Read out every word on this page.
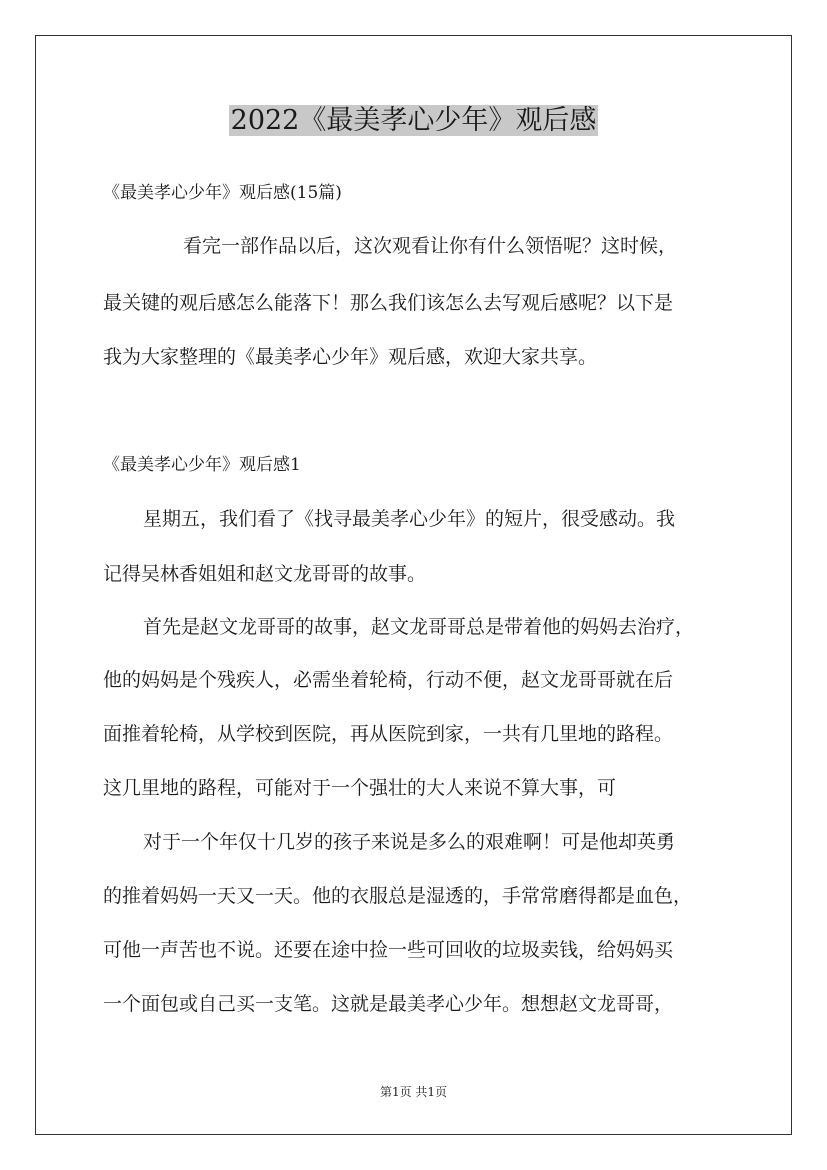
2022《最美孝心少年》观后感

《最美孝心少年》观后感(15篇)

看完一部作品以后，这次观看让你有什么领悟呢？这时候，

最关键的观后感怎么能落下！那么我们该怎么去写观后感呢？以下是

我为大家整理的《最美孝心少年》观后感，欢迎大家共享。

《最美孝心少年》观后感1

星期五，我们看了《找寻最美孝心少年》的短片，很受感动。我

记得吴林香姐姐和赵文龙哥哥的故事。

首先是赵文龙哥哥的故事，赵文龙哥哥总是带着他的妈妈去治疗，

他的妈妈是个残疾人，必需坐着轮椅，行动不便，赵文龙哥哥就在后

面推着轮椅，从学校到医院，再从医院到家，一共有几里地的路程。

这几里地的路程，可能对于一个强壮的大人来说不算大事，可

对于一个年仅十几岁的孩子来说是多么的艰难啊！可是他却英勇

的推着妈妈一天又一天。他的衣服总是湿透的，手常常磨得都是血色，

可他一声苦也不说。还要在途中捡一些可回收的垃圾卖钱，给妈妈买

一个面包或自己买一支笔。这就是最美孝心少年。想想赵文龙哥哥，

第1页 共1页
